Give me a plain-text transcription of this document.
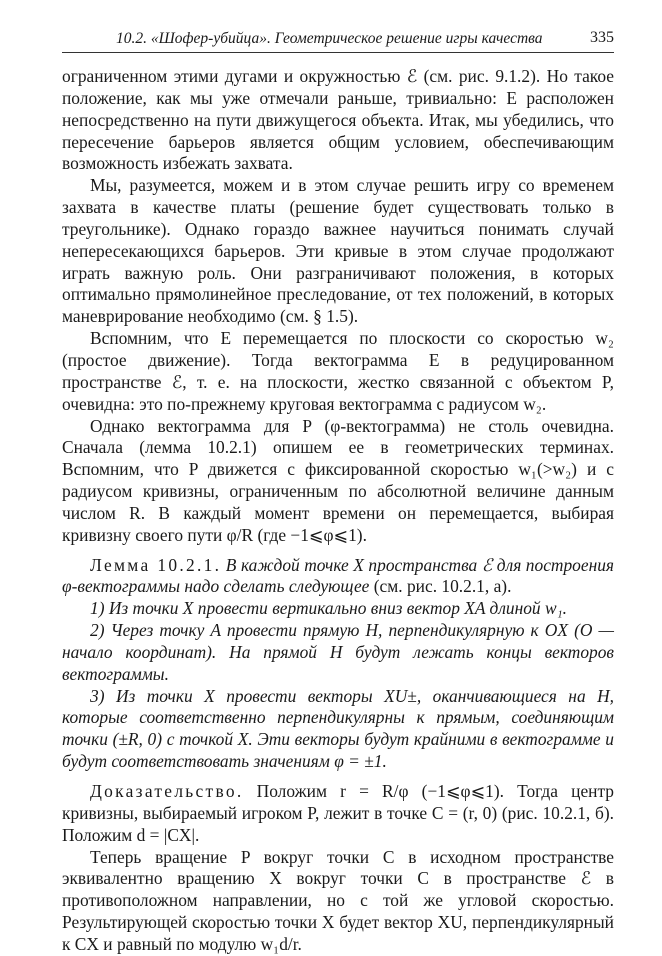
10.2. «Шофер-убийца». Геометрическое решение игры качества	335

ограниченном этими дугами и окружностью ℰ (см. рис. 9.1.2). Но такое положение, как мы уже отмечали раньше, тривиально: E расположен непосредственно на пути движущегося объекта. Итак, мы убедились, что пересечение барьеров является общим условием, обеспечивающим возможность избежать захвата.

Мы, разумеется, можем и в этом случае решить игру со временем захвата в качестве платы (решение будет существовать только в треугольнике). Однако гораздо важнее научиться понимать случай непересекающихся барьеров. Эти кривые в этом случае продолжают играть важную роль. Они разграничивают положения, в которых оптимально прямолинейное преследование, от тех положений, в которых маневрирование необходимо (см. § 1.5).

Вспомним, что E перемещается по плоскости со скоростью w₂ (простое движение). Тогда вектограмма E в редуцированном пространстве ℰ, т. е. на плоскости, жестко связанной с объектом P, очевидна: это по-прежнему круговая вектограмма с радиусом w₂.

Однако вектограмма для P (φ-вектограмма) не столь очевидна. Сначала (лемма 10.2.1) опишем ее в геометрических терминах. Вспомним, что P движется с фиксированной скоростью w₁(>w₂) и с радиусом кривизны, ограниченным по абсолютной величине данным числом R. В каждый момент времени он перемещается, выбирая кривизну своего пути φ/R (где −1⩽φ⩽1).

Лемма 10.2.1. В каждой точке X пространства ℰ для построения φ-вектограммы надо сделать следующее (см. рис. 10.2.1, а).

1) Из точки X провести вертикально вниз вектор XA длиной w₁.

2) Через точку A провести прямую H, перпендикулярную к OX (O — начало координат). На прямой H будут лежать концы векторов вектограммы.

3) Из точки X провести векторы XU±, оканчивающиеся на H, которые соответственно перпендикулярны к прямым, соединяющим точки (±R, 0) с точкой X. Эти векторы будут крайними в вектограмме и будут соответствовать значениям φ = ±1.

Доказательство. Положим r = R/φ (−1⩽φ⩽1). Тогда центр кривизны, выбираемый игроком P, лежит в точке C = (r, 0) (рис. 10.2.1, б). Положим d = |CX|.

Теперь вращение P вокруг точки C в исходном пространстве эквивалентно вращению X вокруг точки C в пространстве ℰ в противоположном направлении, но с той же угловой скоростью. Результирующей скоростью точки X будет вектор XU, перпендикулярный к CX и равный по модулю w₁d/r.
